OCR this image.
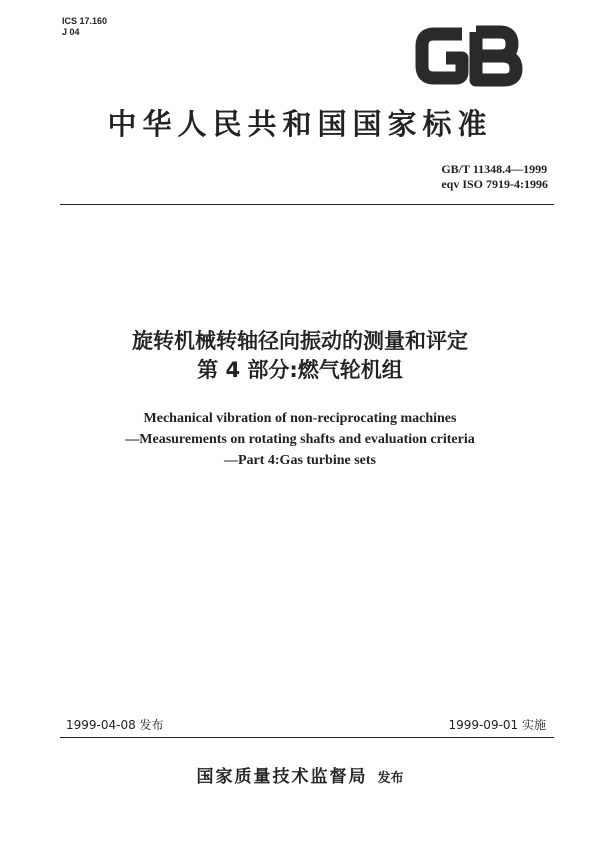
ICS 17.160
J 04
GB
中华人民共和国国家标准
GB/T 11348.4—1999
eqv ISO 7919-4:1996
旋转机械转轴径向振动的测量和评定
第 4 部分:燃气轮机组
Mechanical vibration of non-reciprocating machines
—Measurements on rotating shafts and evaluation criteria
—Part 4:Gas turbine sets
1999-04-08 发布	1999-09-01 实施
国家质量技术监督局 发布
